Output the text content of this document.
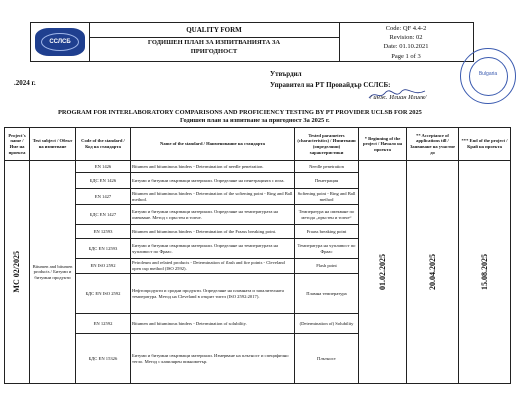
ССЛСБ
QUALITY FORM
ГОДИШЕН ПЛАН ЗА ИЗПИТВАНИЯТА ЗА
ПРИГОДНОСТ
Code: QF 4.4-2
Revision: 02
Date: 01.10.2021
Page 1 of 3
.2024 г.
Утвърдил
Управител на РТ Провайдър ССЛСБ:
/ инж. Илиан Илиев/
Bulgaria
PROGRAM FOR INTERLABORATORY COMPARISONS AND PROFICIENCY TESTING BY PT PROVIDER UCLSB FOR 2025
Годишен план за изпитване за пригодност За 2025 г.
Project's name / Име на проекта	Test subject / Обект на изпитване	Code of the standard / Код на стандарта	Name of the standard / Наименование на стандарта	Tested parameters (characteristics) / Изпитвани (определяни) характеристики	* Beginning of the project / Начало на проекта	** Acceptance of applications till / Заявяване на участие до	*** End of the project / Край на проекта

MC 02/2025	Bitumen and bitumen products / Битуми и битумни продукти	EN 1426	Bitumen and bituminous binders - Determination of needle penetration.	Needle penetration	01.02.2025	20.04.2025	15.08.2025

		БДС EN 1426	Битуми и битумни свързващи материали. Определяне на пенетрацията с игла.	Пенетрация			
		EN 1427	Bitumen and bituminous binders - Determination of the softening point - Ring and Ball method.	Softening point - Ring and Ball method			
		БДС EN 1427	Битуми и битумни свързващи материали. Определяне на температурата на омекване. Метод с пръстен и топче.	Температура на омекване по метода „пръстен и топче“			
		EN 12593	Bitumen and bituminous binders - Determination of the Fraass breaking point.	Fraass breaking point			
		БДС EN 12593	Битуми и битумни свързващи материали. Определяне на температурата на чупливост по Фраас.	Температура на чупливост по Фраас			
		EN ISO 2592	Petroleum and related products - Determination of flash and fire points - Cleveland open cup method (ISO 2592).	Flash point			
		БДС EN ISO 2592	Нефтопродукти и сродни продукти. Определяне на пламната и запалителната температура. Метод на Cleveland в открит тигел (ISO 2592:2017).	Пламна температура			
		EN 12592	Bitumen and bituminous binders - Determination of solubility.	(Determination of) Solubility			
		БДС EN 15326	Битуми и битумни свързващи материали. Измерване на плътност и специфично тегло. Метод с капилярен пикнометър.	Плътност			
